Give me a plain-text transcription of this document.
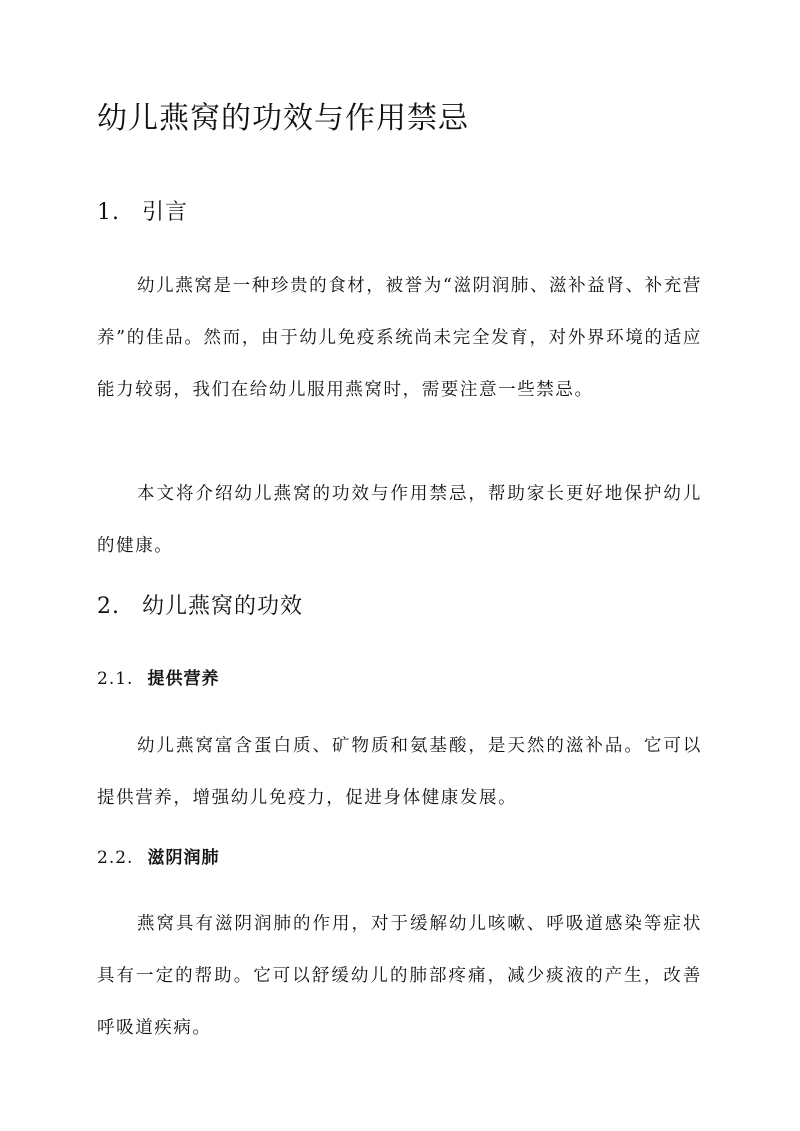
幼儿燕窝的功效与作用禁忌
1. 引言

幼儿燕窝是一种珍贵的食材，被誉为“滋阴润肺、滋补益肾、补充营养”的佳品。然而，由于幼儿免疫系统尚未完全发育，对外界环境的适应能力较弱，我们在给幼儿服用燕窝时，需要注意一些禁忌。

本文将介绍幼儿燕窝的功效与作用禁忌，帮助家长更好地保护幼儿的健康。

2. 幼儿燕窝的功效
2.1. 提供营养

幼儿燕窝富含蛋白质、矿物质和氨基酸，是天然的滋补品。它可以提供营养，增强幼儿免疫力，促进身体健康发展。

2.2. 滋阴润肺

燕窝具有滋阴润肺的作用，对于缓解幼儿咳嗽、呼吸道感染等症状具有一定的帮助。它可以舒缓幼儿的肺部疼痛，减少痰液的产生，改善呼吸道疾病。
